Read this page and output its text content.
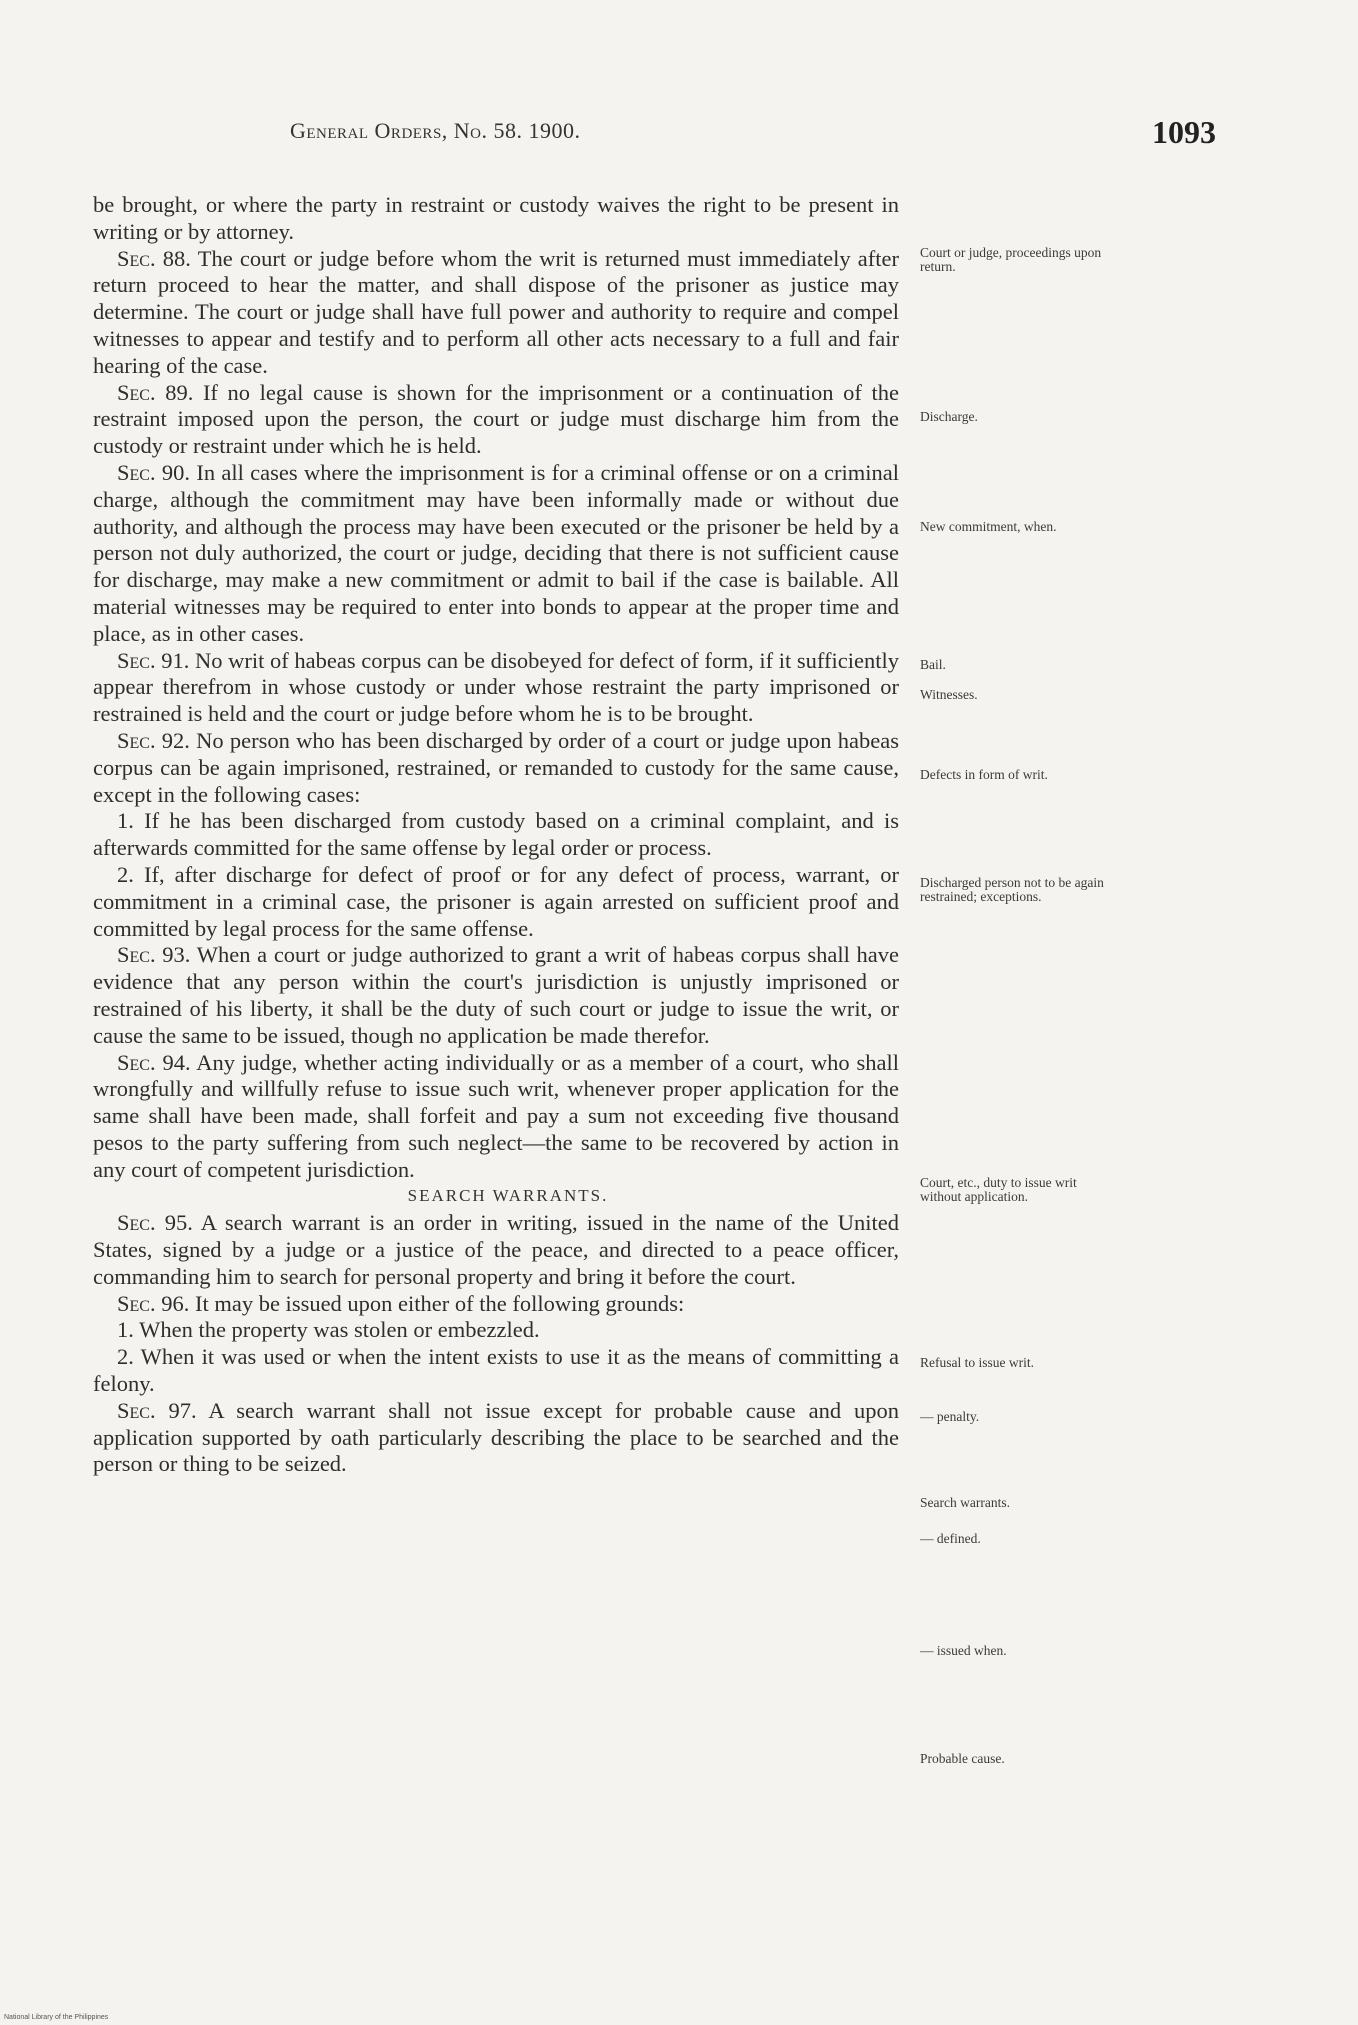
General Orders, No. 58. 1900.	1093

be brought, or where the party in restraint or custody waives the right to be present in writing or by attorney.

Sec. 88. The court or judge before whom the writ is returned must immediately after return proceed to hear the matter, and shall dispose of the prisoner as justice may determine. The court or judge shall have full power and authority to require and compel witnesses to appear and testify and to perform all other acts necessary to a full and fair hearing of the case.

Sec. 89. If no legal cause is shown for the imprisonment or a continuation of the restraint imposed upon the person, the court or judge must discharge him from the custody or restraint under which he is held.

Sec. 90. In all cases where the imprisonment is for a criminal offense or on a criminal charge, although the commitment may have been informally made or without due authority, and although the process may have been executed or the prisoner be held by a person not duly authorized, the court or judge, deciding that there is not sufficient cause for discharge, may make a new commitment or admit to bail if the case is bailable. All material witnesses may be required to enter into bonds to appear at the proper time and place, as in other cases.

Sec. 91. No writ of habeas corpus can be disobeyed for defect of form, if it sufficiently appear therefrom in whose custody or under whose restraint the party imprisoned or restrained is held and the court or judge before whom he is to be brought.

Sec. 92. No person who has been discharged by order of a court or judge upon habeas corpus can be again imprisoned, restrained, or remanded to custody for the same cause, except in the following cases:

1. If he has been discharged from custody based on a criminal complaint, and is afterwards committed for the same offense by legal order or process.

2. If, after discharge for defect of proof or for any defect of process, warrant, or commitment in a criminal case, the prisoner is again arrested on sufficient proof and committed by legal process for the same offense.

Sec. 93. When a court or judge authorized to grant a writ of habeas corpus shall have evidence that any person within the court's jurisdiction is unjustly imprisoned or restrained of his liberty, it shall be the duty of such court or judge to issue the writ, or cause the same to be issued, though no application be made therefor.

Sec. 94. Any judge, whether acting individually or as a member of a court, who shall wrongfully and willfully refuse to issue such writ, whenever proper application for the same shall have been made, shall forfeit and pay a sum not exceeding five thousand pesos to the party suffering from such neglect—the same to be recovered by action in any court of competent jurisdiction.

SEARCH WARRANTS.

Sec. 95. A search warrant is an order in writing, issued in the name of the United States, signed by a judge or a justice of the peace, and directed to a peace officer, commanding him to search for personal property and bring it before the court.

Sec. 96. It may be issued upon either of the following grounds:

1. When the property was stolen or embezzled.

2. When it was used or when the intent exists to use it as the means of committing a felony.

Sec. 97. A search warrant shall not issue except for probable cause and upon application supported by oath particularly describing the place to be searched and the person or thing to be seized.

Court or judge, proceedings upon return.
Discharge.
New commitment, when.
Bail.
Witnesses.
Defects in form of writ.
Discharged person not to be again restrained; exceptions.
Court, etc., duty to issue writ without application.
Refusal to issue writ.
— penalty.
Search warrants.
— defined.
— issued when.
Probable cause.
National Library of the Philippines
